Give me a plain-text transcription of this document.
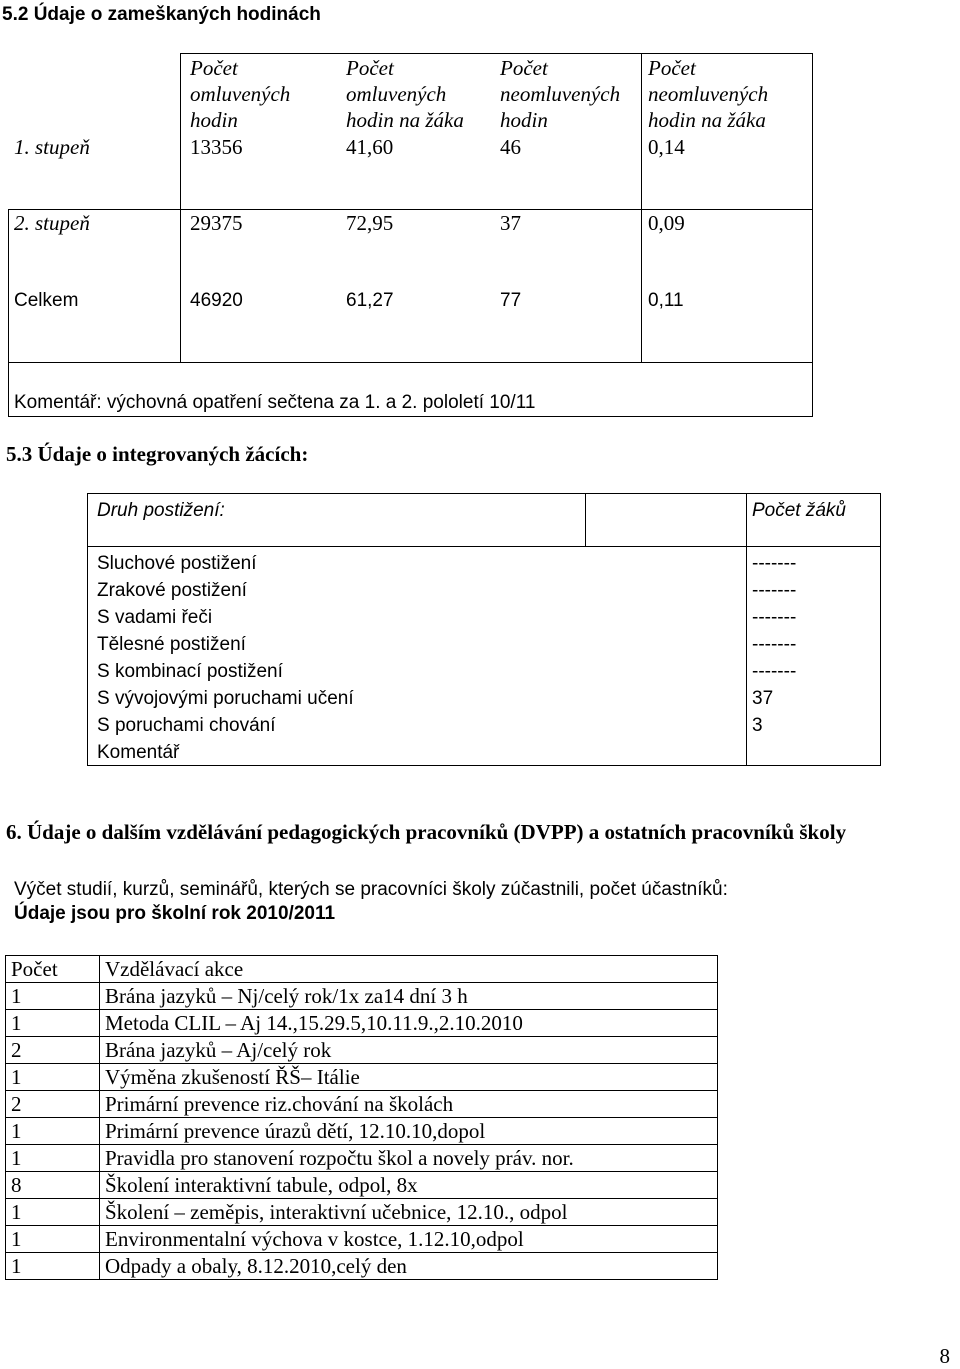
5.2 Údaje o zameškaných hodinách
Počet
omluvených
hodin
Počet
omluvených
hodin na žáka
Počet
neomluvených
hodin
Počet
neomluvených
hodin na žáka
1. stupeň	13356	41,60	46	0,14
2. stupeň	29375	72,95	37	0,09
Celkem	46920	61,27	77	0,11
Komentář: výchovná opatření sečtena za 1. a 2. pololetí 10/11
5.3 Údaje o integrovaných žácích:
Druh postižení:	Počet žáků
Sluchové postižení	-------
Zrakové postižení	-------
S vadami řeči	-------
Tělesné postižení	-------
S kombinací postižení	-------
S vývojovými poruchami učení	37
S poruchami chování	3
Komentář
6. Údaje o dalším vzdělávání pedagogických pracovníků (DVPP) a ostatních pracovníků školy
Výčet studií, kurzů, seminářů, kterých se pracovníci školy zúčastnili, počet účastníků:
Údaje jsou pro školní rok 2010/2011
Počet	Vzdělávací akce
1	Brána jazyků – Nj/celý rok/1x za14 dní 3 h
1	Metoda CLIL – Aj 14.,15.29.5,10.11.9.,2.10.2010
2	Brána jazyků – Aj/celý rok
1	Výměna zkušeností ŘŠ– Itálie
2	Primární prevence riz.chování na školách
1	Primární prevence úrazů dětí, 12.10.10,dopol
1	Pravidla pro stanovení rozpočtu škol a novely práv. nor.
8	Školení interaktivní tabule, odpol, 8x
1	Školení – zeměpis, interaktivní učebnice, 12.10., odpol
1	Environmentalní výchova v kostce, 1.12.10,odpol
1	Odpady a obaly, 8.12.2010,celý den
8
